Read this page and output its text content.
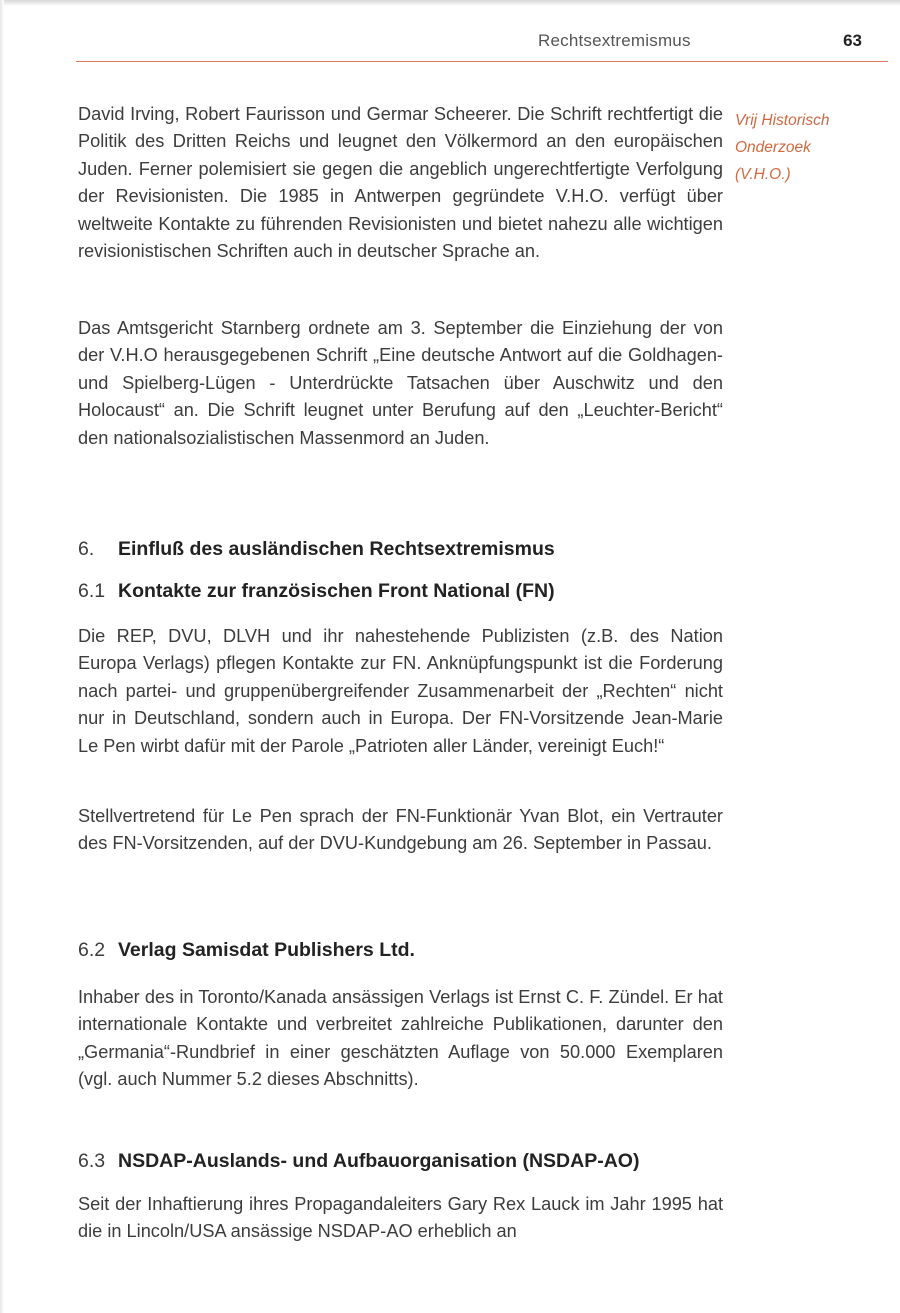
Rechtsextremismus	63
Vrij Historisch
Onderzoek
(V.H.O.)
David Irving, Robert Faurisson und Germar Scheerer. Die Schrift rechtfertigt die Politik des Dritten Reichs und leugnet den Völkermord an den europäischen Juden. Ferner polemisiert sie gegen die angeblich ungerechtfertigte Verfolgung der Revisionisten. Die 1985 in Antwerpen gegründete V.H.O. verfügt über weltweite Kontakte zu führenden Revisionisten und bietet nahezu alle wichtigen revisionistischen Schriften auch in deutscher Sprache an.
Das Amtsgericht Starnberg ordnete am 3. September die Einziehung der von der V.H.O herausgegebenen Schrift „Eine deutsche Antwort auf die Goldhagen- und Spielberg-Lügen - Unterdrückte Tatsachen über Auschwitz und den Holocaust“ an. Die Schrift leugnet unter Berufung auf den „Leuchter-Bericht“ den nationalsozialistischen Massenmord an Juden.
6. Einfluß des ausländischen Rechtsextremismus
6.1 Kontakte zur französischen Front National (FN)
Die REP, DVU, DLVH und ihr nahestehende Publizisten (z.B. des Nation Europa Verlags) pflegen Kontakte zur FN. Anknüpfungspunkt ist die Forderung nach partei- und gruppenübergreifender Zusammenarbeit der „Rechten“ nicht nur in Deutschland, sondern auch in Europa. Der FN-Vorsitzende Jean-Marie Le Pen wirbt dafür mit der Parole „Patrioten aller Länder, vereinigt Euch!“
Stellvertretend für Le Pen sprach der FN-Funktionär Yvan Blot, ein Vertrauter des FN-Vorsitzenden, auf der DVU-Kundgebung am 26. September in Passau.
6.2 Verlag Samisdat Publishers Ltd.
Inhaber des in Toronto/Kanada ansässigen Verlags ist Ernst C. F. Zündel. Er hat internationale Kontakte und verbreitet zahlreiche Publikationen, darunter den „Germania“-Rundbrief in einer geschätzten Auflage von 50.000 Exemplaren (vgl. auch Nummer 5.2 dieses Abschnitts).
6.3 NSDAP-Auslands- und Aufbauorganisation (NSDAP-AO)
Seit der Inhaftierung ihres Propagandaleiters Gary Rex Lauck im Jahr 1995 hat die in Lincoln/USA ansässige NSDAP-AO erheblich an
